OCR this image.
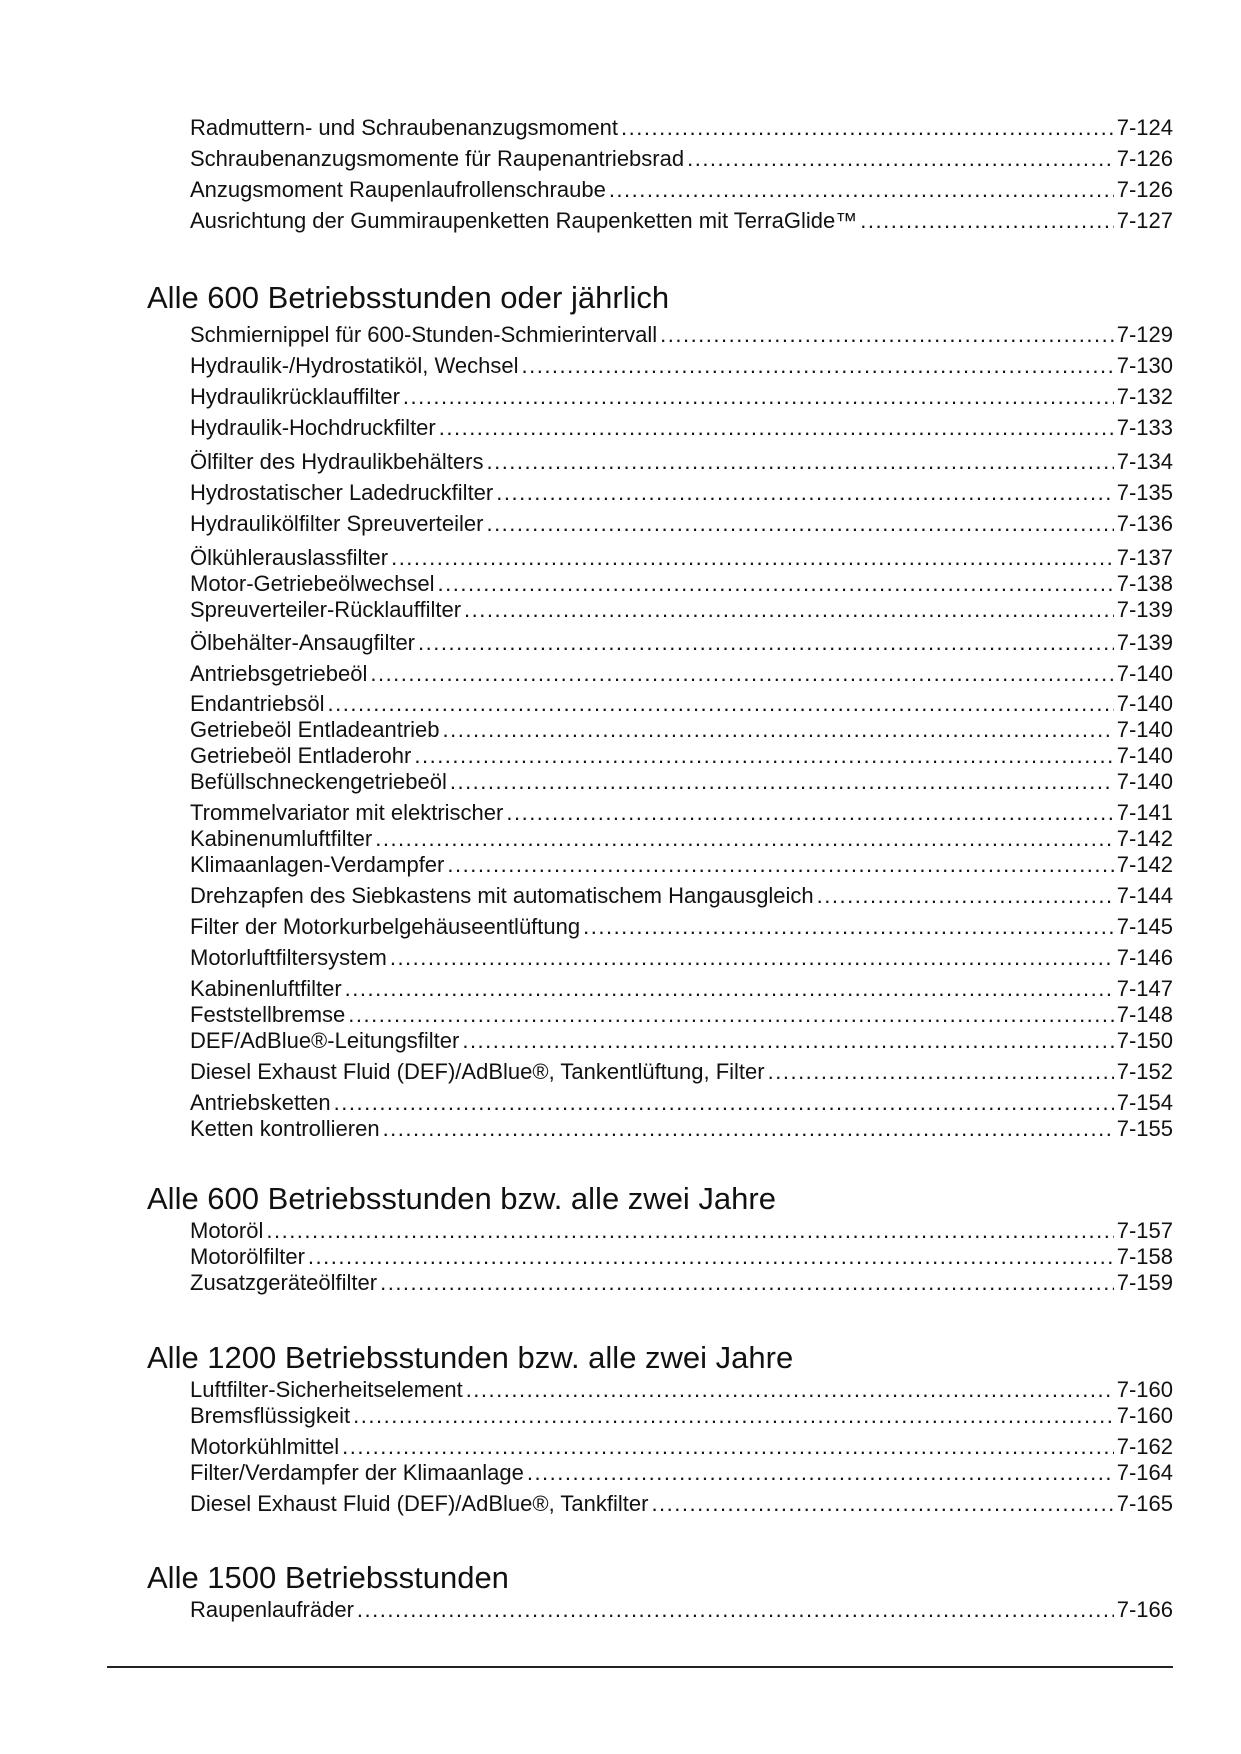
Radmuttern- und Schraubenanzugsmoment .....	7-124
Schraubenanzugsmomente für Raupenantriebsrad .....	7-126
Anzugsmoment Raupenlaufrollenschraube .....	7-126
Ausrichtung der Gummiraupenketten Raupenketten mit TerraGlide™ .....	7-127
Alle 600 Betriebsstunden oder jährlich
Schmiernippel für 600-Stunden-Schmierintervall .....	7-129
Hydraulik-/Hydrostatiköl, Wechsel .....	7-130
Hydraulikrücklauffilter .....	7-132
Hydraulik-Hochdruckfilter .....	7-133
Ölfilter des Hydraulikbehälters .....	7-134
Hydrostatischer Ladedruckfilter .....	7-135
Hydraulikölfilter Spreuverteiler .....	7-136
Ölkühlerauslassfilter .....	7-137
Motor-Getriebeölwechsel .....	7-138
Spreuverteiler-Rücklauffilter .....	7-139
Ölbehälter-Ansaugfilter .....	7-139
Antriebsgetriebeöl .....	7-140
Endantriebsöl .....	7-140
Getriebeöl Entladeantrieb .....	7-140
Getriebeöl Entladerohr .....	7-140
Befüllschneckengetriebeöl .....	7-140
Trommelvariator mit elektrischer .....	7-141
Kabinenumluftfilter .....	7-142
Klimaanlagen-Verdampfer .....	7-142
Drehzapfen des Siebkastens mit automatischem Hangausgleich .....	7-144
Filter der Motorkurbelgehäuseentlüftung .....	7-145
Motorluftfiltersystem .....	7-146
Kabinenluftfilter .....	7-147
Feststellbremse .....	7-148
DEF/AdBlue®-Leitungsfilter .....	7-150
Diesel Exhaust Fluid (DEF)/AdBlue®, Tankentlüftung, Filter .....	7-152
Antriebsketten .....	7-154
Ketten kontrollieren .....	7-155
Alle 600 Betriebsstunden bzw. alle zwei Jahre
Motoröl .....	7-157
Motorölfilter .....	7-158
Zusatzgeräteölfilter .....	7-159
Alle 1200 Betriebsstunden bzw. alle zwei Jahre
Luftfilter-Sicherheitselement .....	7-160
Bremsflüssigkeit .....	7-160
Motorkühlmittel .....	7-162
Filter/Verdampfer der Klimaanlage .....	7-164
Diesel Exhaust Fluid (DEF)/AdBlue®, Tankfilter .....	7-165
Alle 1500 Betriebsstunden
Raupenlaufräder .....	7-166
